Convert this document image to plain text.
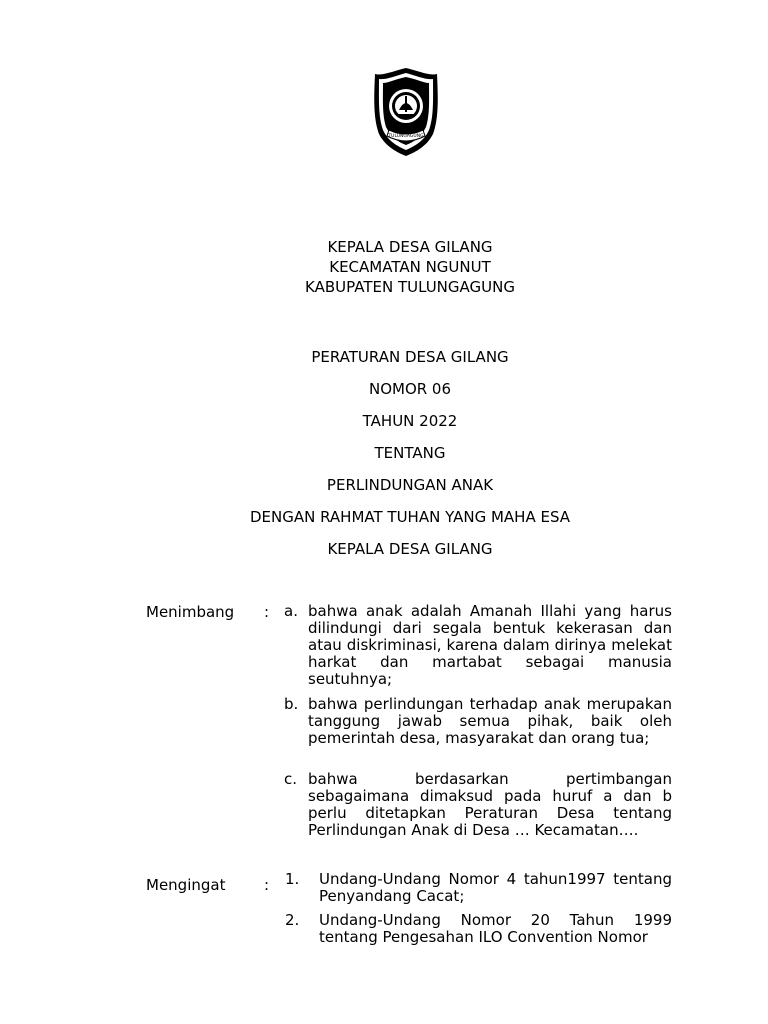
TULUNGAGUNG
KEPALA DESA GILANG
KECAMATAN NGUNUT
KABUPATEN TULUNGAGUNG
PERATURAN DESA GILANG
NOMOR 06
TAHUN 2022
TENTANG
PERLINDUNGAN ANAK
DENGAN RAHMAT TUHAN YANG MAHA ESA
KEPALA DESA GILANG
Menimbang : a. bahwa anak adalah Amanah Illahi yang harus dilindungi dari segala bentuk kekerasan dan atau diskriminasi, karena dalam dirinya melekat harkat dan martabat sebagai manusia seutuhnya;
b. bahwa perlindungan terhadap anak merupakan tanggung jawab semua pihak, baik oleh pemerintah desa, masyarakat dan orang tua;
c. bahwa berdasarkan pertimbangan sebagaimana dimaksud pada huruf a dan b perlu ditetapkan Peraturan Desa tentang Perlindungan Anak di Desa … Kecamatan….
Mengingat	: 1. Undang-Undang Nomor 4 tahun1997 tentang Penyandang Cacat;
2. Undang-Undang Nomor 20 Tahun 1999 tentang Pengesahan ILO Convention Nomor
